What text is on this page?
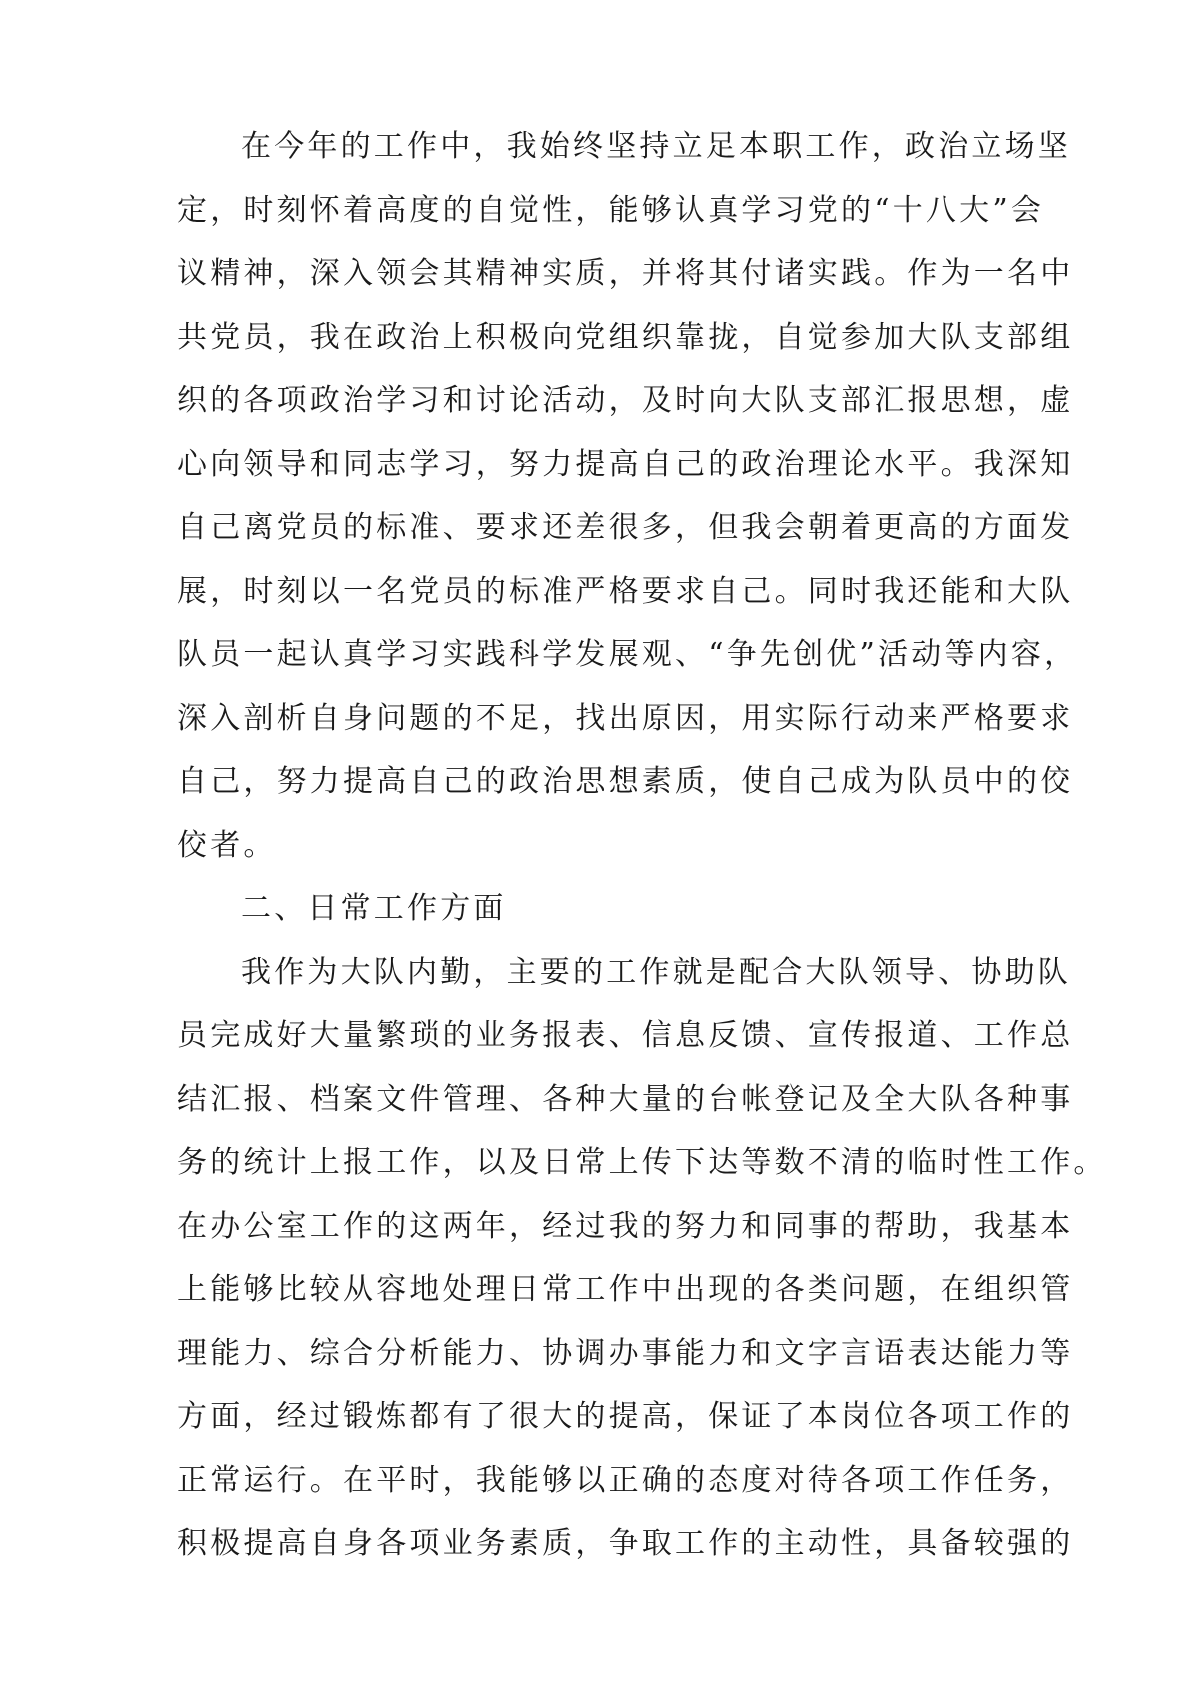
在今年的工作中，我始终坚持立足本职工作，政治立场坚
定，时刻怀着高度的自觉性，能够认真学习党的“十八大”会
议精神，深入领会其精神实质，并将其付诸实践。作为一名中
共党员，我在政治上积极向党组织靠拢，自觉参加大队支部组
织的各项政治学习和讨论活动，及时向大队支部汇报思想，虚
心向领导和同志学习，努力提高自己的政治理论水平。我深知
自己离党员的标准、要求还差很多，但我会朝着更高的方面发
展，时刻以一名党员的标准严格要求自己。同时我还能和大队
队员一起认真学习实践科学发展观、“争先创优”活动等内容，
深入剖析自身问题的不足，找出原因，用实际行动来严格要求
自己，努力提高自己的政治思想素质，使自己成为队员中的佼
佼者。
二、日常工作方面
我作为大队内勤，主要的工作就是配合大队领导、协助队
员完成好大量繁琐的业务报表、信息反馈、宣传报道、工作总
结汇报、档案文件管理、各种大量的台帐登记及全大队各种事
务的统计上报工作，以及日常上传下达等数不清的临时性工作。
在办公室工作的这两年，经过我的努力和同事的帮助，我基本
上能够比较从容地处理日常工作中出现的各类问题，在组织管
理能力、综合分析能力、协调办事能力和文字言语表达能力等
方面，经过锻炼都有了很大的提高，保证了本岗位各项工作的
正常运行。在平时，我能够以正确的态度对待各项工作任务，
积极提高自身各项业务素质，争取工作的主动性，具备较强的
